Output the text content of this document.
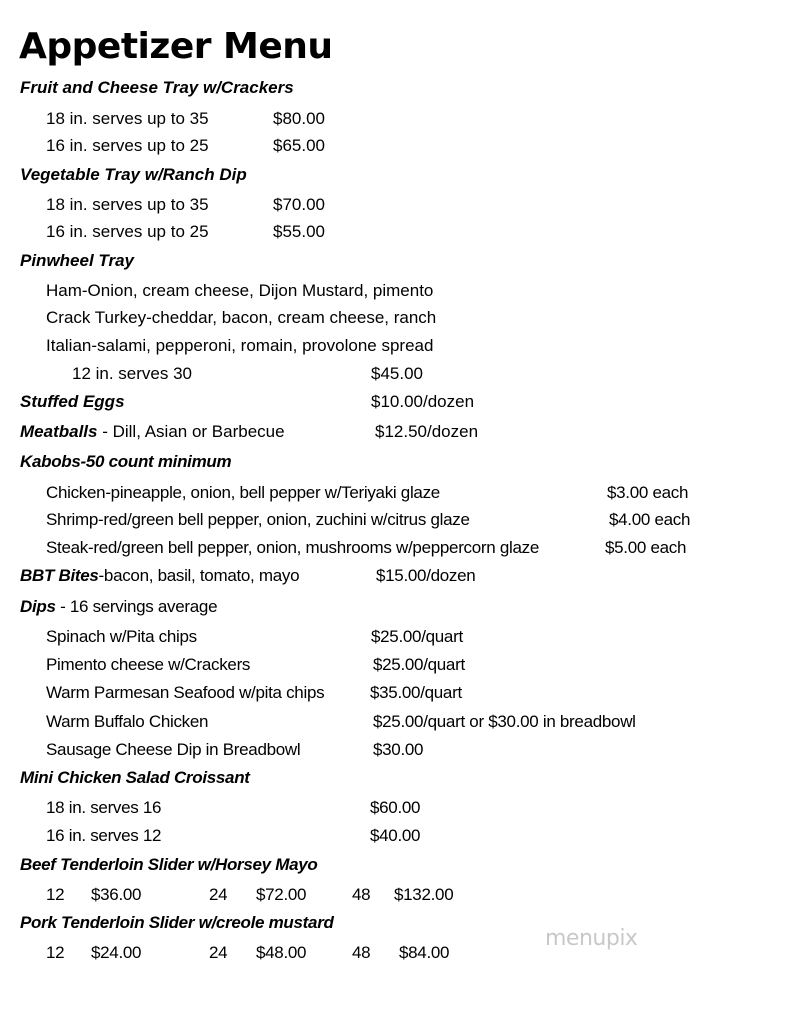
Appetizer Menu
Fruit and Cheese Tray w/Crackers
18 in. serves up to 35	$80.00
16 in. serves up to 25	$65.00
Vegetable Tray w/Ranch Dip
18 in. serves up to 35	$70.00
16 in. serves up to 25	$55.00
Pinwheel Tray
Ham-Onion, cream cheese, Dijon Mustard, pimento
Crack Turkey-cheddar, bacon, cream cheese, ranch
Italian-salami, pepperoni, romain, provolone spread
12 in. serves 30	$45.00
Stuffed Eggs	$10.00/dozen
Meatballs - Dill, Asian or Barbecue	$12.50/dozen
Kabobs-50 count minimum
Chicken-pineapple, onion, bell pepper w/Teriyaki glaze	$3.00 each
Shrimp-red/green bell pepper, onion, zuchini w/citrus glaze	$4.00 each
Steak-red/green bell pepper, onion, mushrooms w/peppercorn glaze	$5.00 each
BBT Bites-bacon, basil, tomato, mayo	$15.00/dozen
Dips - 16 servings average
Spinach w/Pita chips	$25.00/quart
Pimento cheese w/Crackers	$25.00/quart
Warm Parmesan Seafood w/pita chips	$35.00/quart
Warm Buffalo Chicken	$25.00/quart or $30.00 in breadbowl
Sausage Cheese Dip in Breadbowl	$30.00
Mini Chicken Salad Croissant
18 in. serves 16	$60.00
16 in. serves 12	$40.00
Beef Tenderloin Slider w/Horsey Mayo
12 $36.00	24 $72.00	48 $132.00
Pork Tenderloin Slider w/creole mustard
12 $24.00	24 $48.00	48 $84.00
menupix
